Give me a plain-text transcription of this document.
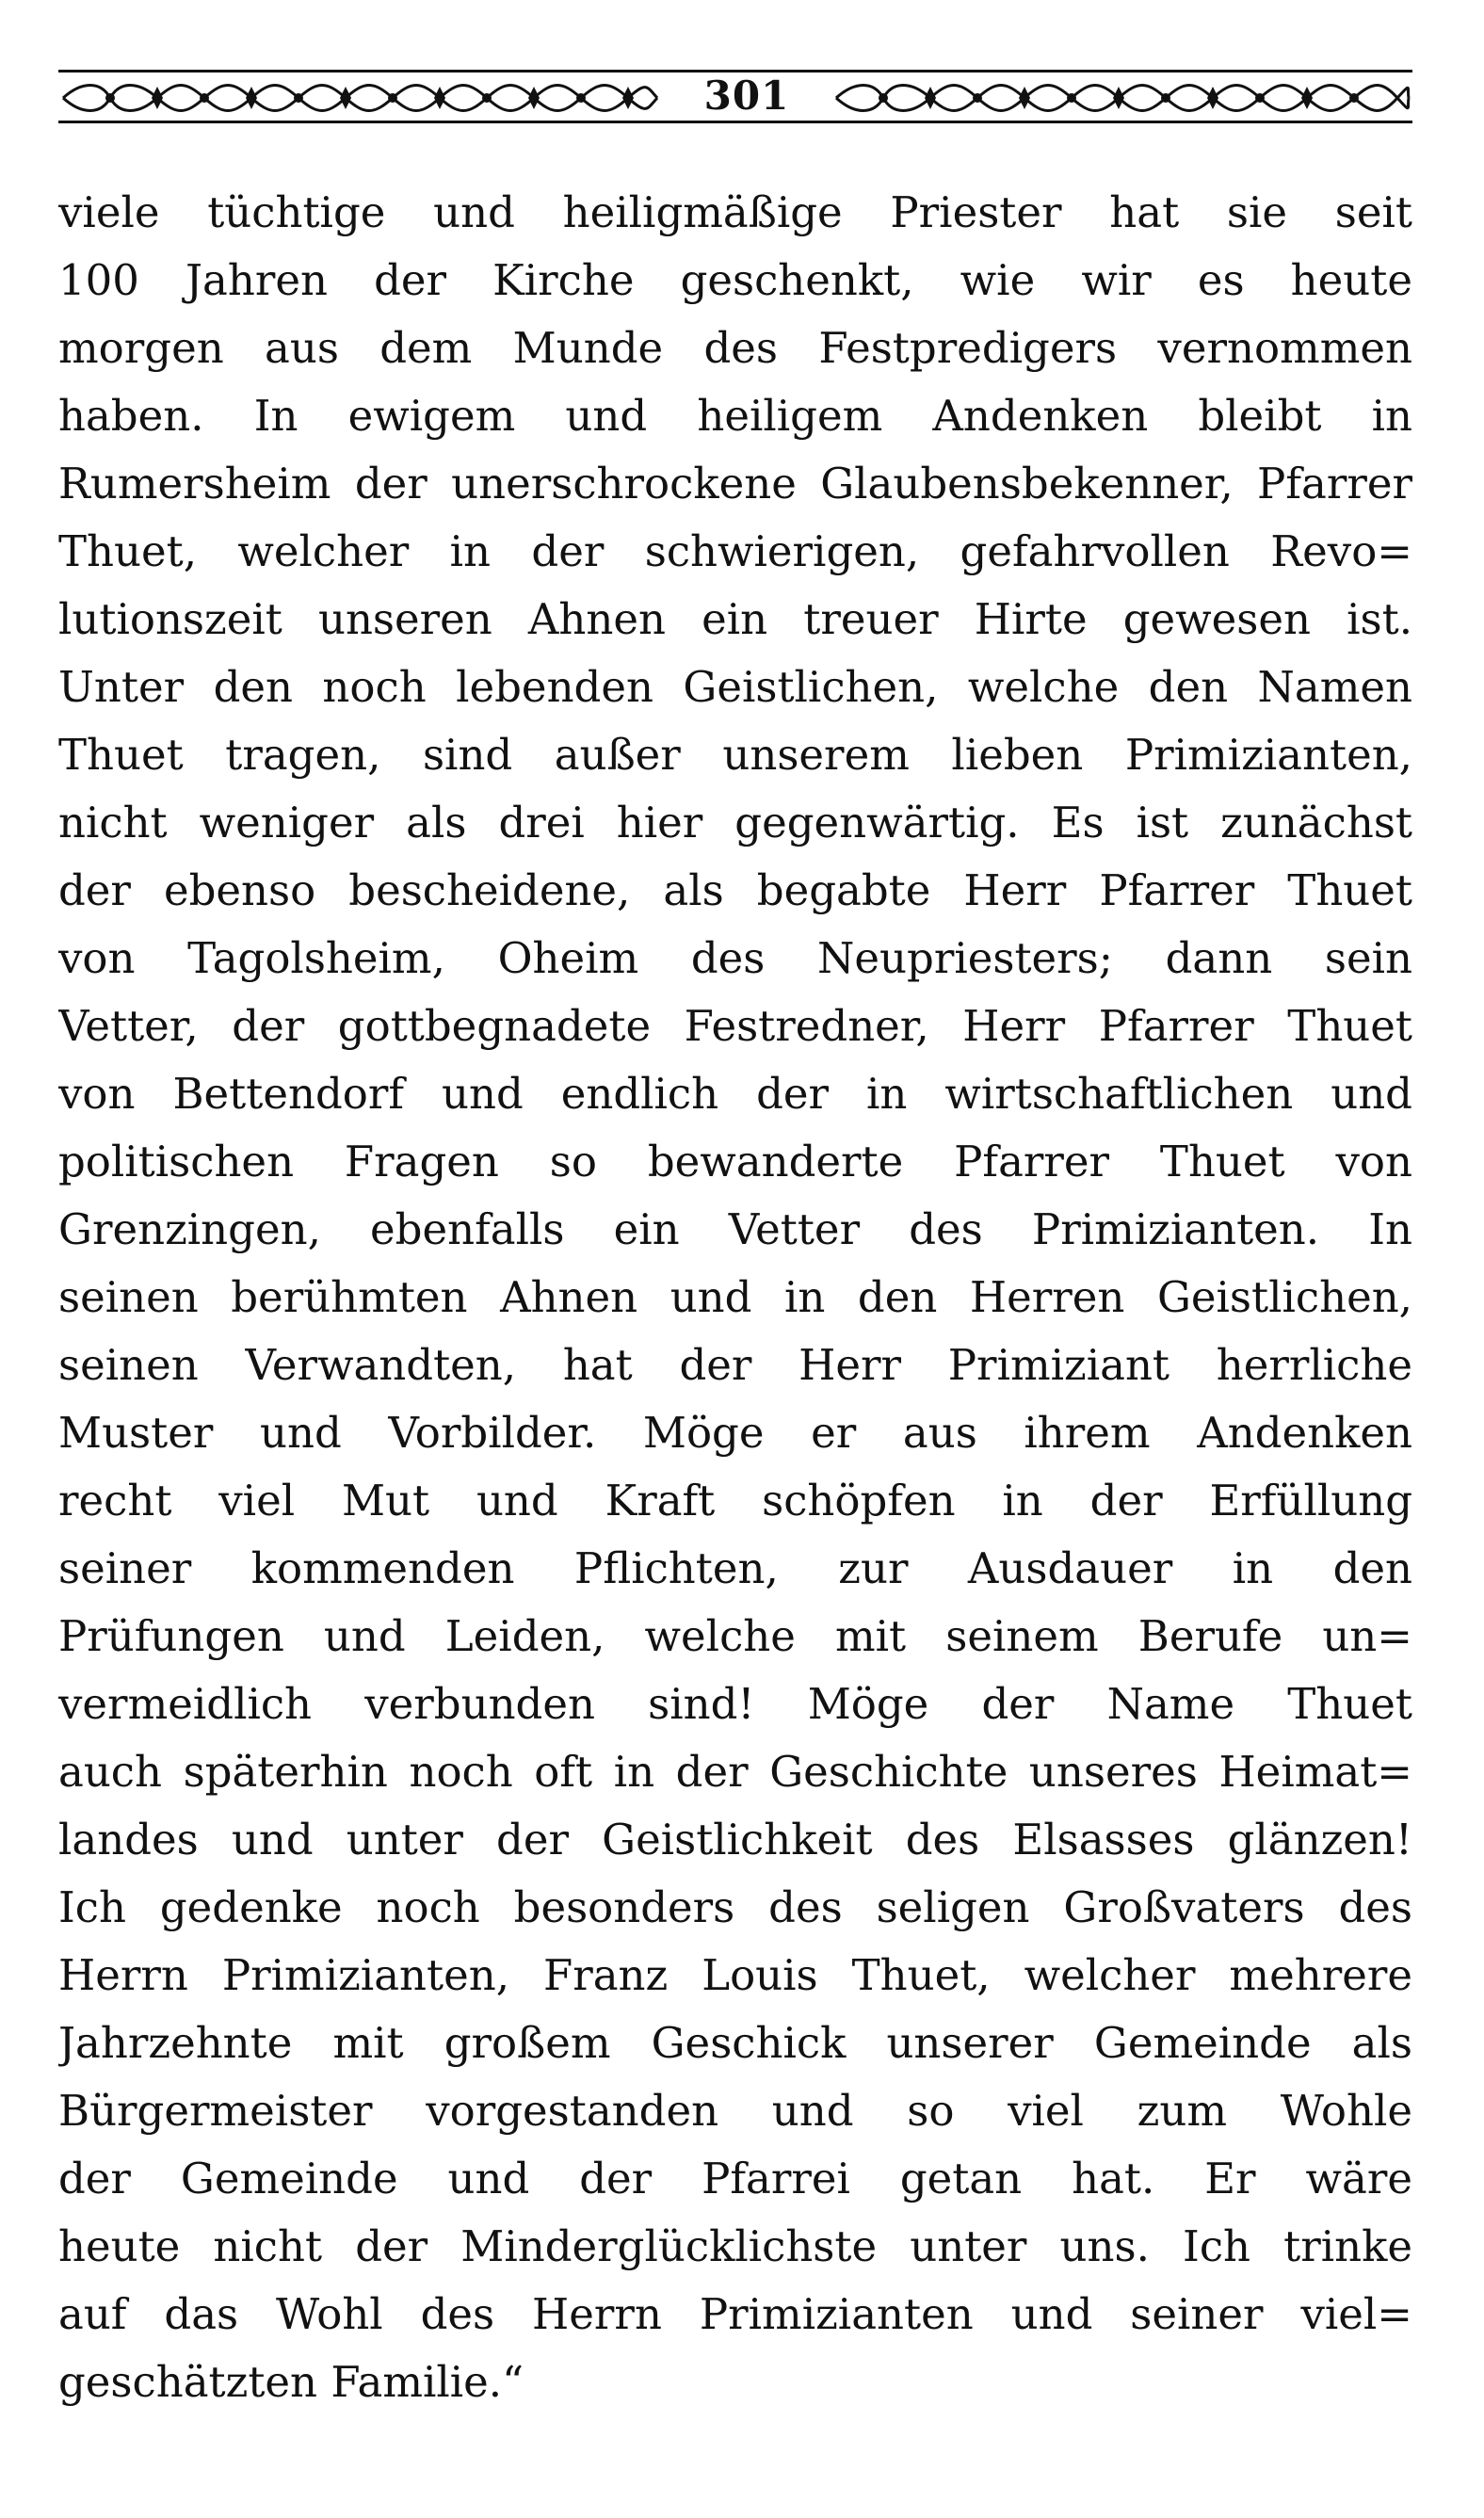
301
viele tüchtige und heiligmäßige Priester hat sie seit
100 Jahren der Kirche geschenkt, wie wir es heute
morgen aus dem Munde des Festpredigers vernommen
haben. In ewigem und heiligem Andenken bleibt in
Rumersheim der unerschrockene Glaubensbekenner, Pfarrer
Thuet, welcher in der schwierigen, gefahrvollen Revo=
lutionszeit unseren Ahnen ein treuer Hirte gewesen ist.
Unter den noch lebenden Geistlichen, welche den Namen
Thuet tragen, sind außer unserem lieben Primizianten,
nicht weniger als drei hier gegenwärtig. Es ist zunächst
der ebenso bescheidene, als begabte Herr Pfarrer Thuet
von Tagolsheim, Oheim des Neupriesters; dann sein
Vetter, der gottbegnadete Festredner, Herr Pfarrer Thuet
von Bettendorf und endlich der in wirtschaftlichen und
politischen Fragen so bewanderte Pfarrer Thuet von
Grenzingen, ebenfalls ein Vetter des Primizianten. In
seinen berühmten Ahnen und in den Herren Geistlichen,
seinen Verwandten, hat der Herr Primiziant herrliche
Muster und Vorbilder. Möge er aus ihrem Andenken
recht viel Mut und Kraft schöpfen in der Erfüllung
seiner kommenden Pflichten, zur Ausdauer in den
Prüfungen und Leiden, welche mit seinem Berufe un=
vermeidlich verbunden sind! Möge der Name Thuet
auch späterhin noch oft in der Geschichte unseres Heimat=
landes und unter der Geistlichkeit des Elsasses glänzen!
Ich gedenke noch besonders des seligen Großvaters des
Herrn Primizianten, Franz Louis Thuet, welcher mehrere
Jahrzehnte mit großem Geschick unserer Gemeinde als
Bürgermeister vorgestanden und so viel zum Wohle
der Gemeinde und der Pfarrei getan hat. Er wäre
heute nicht der Minderglücklichste unter uns. Ich trinke
auf das Wohl des Herrn Primizianten und seiner viel=
geschätzten Familie.“
